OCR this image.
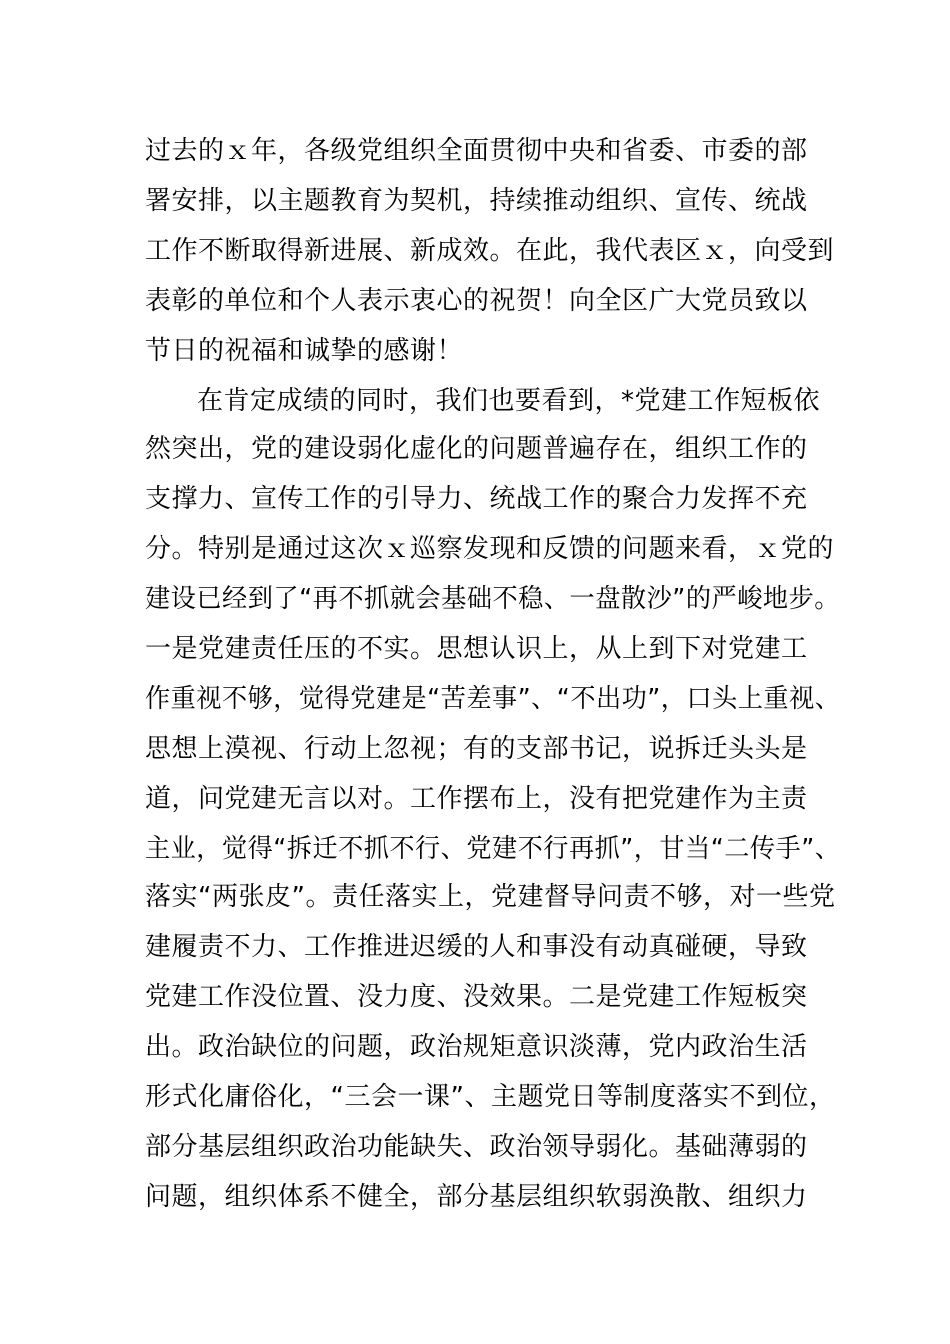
过去的ｘ年，各级党组织全面贯彻中央和省委、市委的部
署安排，以主题教育为契机，持续推动组织、宣传、统战
工作不断取得新进展、新成效。在此，我代表区ｘ，向受到
表彰的单位和个人表示衷心的祝贺！向全区广大党员致以
节日的祝福和诚挚的感谢！
在肯定成绩的同时，我们也要看到，*党建工作短板依
然突出，党的建设弱化虚化的问题普遍存在，组织工作的
支撑力、宣传工作的引导力、统战工作的聚合力发挥不充
分。特别是通过这次ｘ巡察发现和反馈的问题来看，ｘ党的
建设已经到了“再不抓就会基础不稳、一盘散沙”的严峻地步。
一是党建责任压的不实。思想认识上，从上到下对党建工
作重视不够，觉得党建是“苦差事”、“不出功”，口头上重视、
思想上漠视、行动上忽视；有的支部书记，说拆迁头头是
道，问党建无言以对。工作摆布上，没有把党建作为主责
主业，觉得“拆迁不抓不行、党建不行再抓”，甘当“二传手”、
落实“两张皮”。责任落实上，党建督导问责不够，对一些党
建履责不力、工作推进迟缓的人和事没有动真碰硬，导致
党建工作没位置、没力度、没效果。二是党建工作短板突
出。政治缺位的问题，政治规矩意识淡薄，党内政治生活
形式化庸俗化，“三会一课”、主题党日等制度落实不到位，
部分基层组织政治功能缺失、政治领导弱化。基础薄弱的
问题，组织体系不健全，部分基层组织软弱涣散、组织力
